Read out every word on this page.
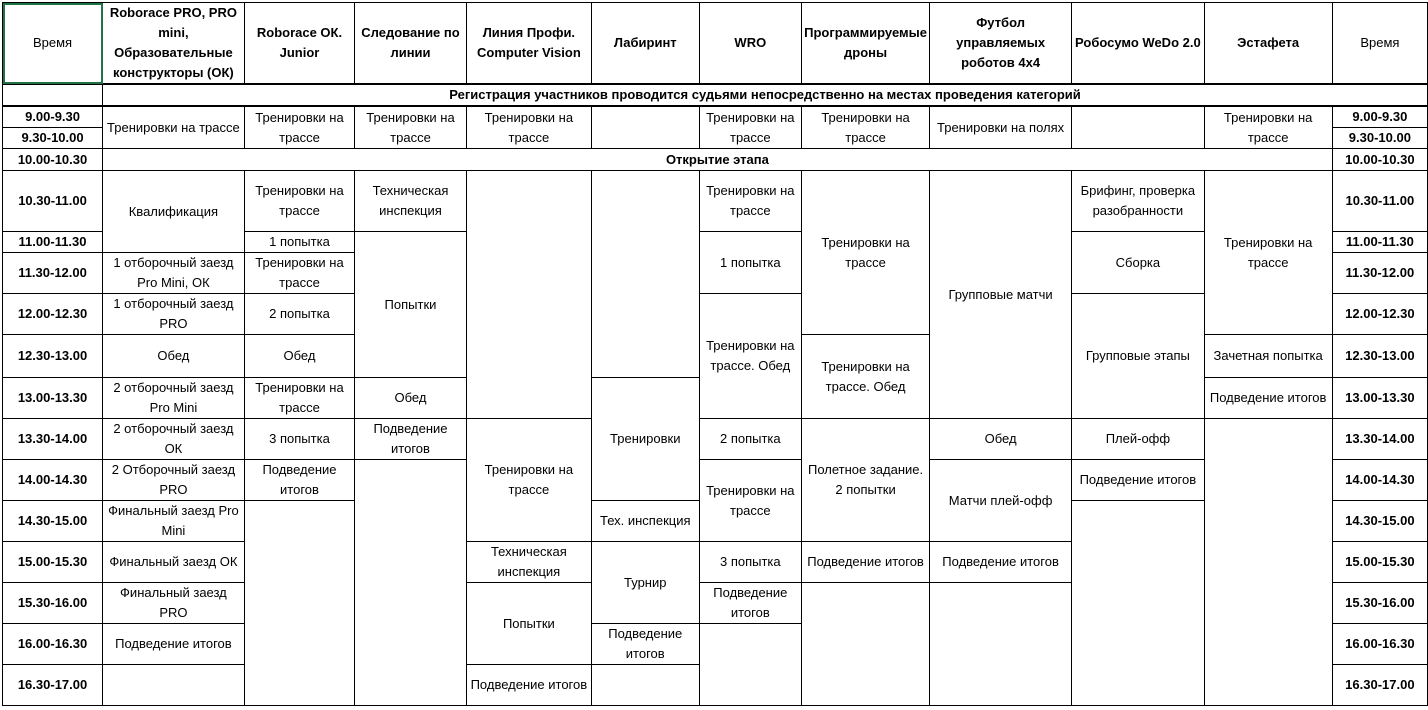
Время	Roborace PRO, PRO mini, Образовательные конструкторы (ОК)	Roborace ОК. Junior	Следование по линии	Линия Профи. Computer Vision	Лабиринт	WRO	Программируемые дроны	Футбол управляемых роботов 4х4	Робосумо WeDo 2.0	Эстафета	Время
	Регистрация участников проводится судьями непосредственно на местах проведения категорий										
9.00-9.30	Тренировки на трассе	Тренировки на трассе	Тренировки на трассе	Тренировки на трассе		Тренировки на трассе	Тренировки на трассе	Тренировки на полях		Тренировки на трассе	9.00-9.30
9.30-10.00											9.30-10.00
10.00-10.30	Открытие этапа										10.00-10.30
10.30-11.00	Квалификация	Тренировки на трассе	Техническая инспекция			Тренировки на трассе	Тренировки на трассе	Групповые матчи	Брифинг, проверка разобранности	Тренировки на трассе	10.30-11.00
11.00-11.30		1 попытка	Попытки			1 попытка			Сборка		11.00-11.30
11.30-12.00	1 отборочный заезд Pro Mini, ОК	Тренировки на трассе									11.30-12.00
12.00-12.30	1 отборочный заезд PRO	2 попытка				Тренировки на трассе. Обед			Групповые этапы		12.00-12.30
12.30-13.00	Обед	Обед					Тренировки на трассе. Обед			Зачетная попытка	12.30-13.00
13.00-13.30	2 отборочный заезд Pro Mini	Тренировки на трассе	Обед		Тренировки					Подведение итогов	13.00-13.30
13.30-14.00	2 отборочный заезд ОК	3 попытка	Подведение итогов	Тренировки на трассе		2 попытка	Полетное задание. 2 попытки	Обед	Плей-офф		13.30-14.00
14.00-14.30	2 Отборочный заезд PRO	Подведение итогов				Тренировки на трассе		Матчи плей-офф	Подведение итогов		14.00-14.30
14.30-15.00	Финальный заезд Pro Mini				Тех. инспекция						14.30-15.00
15.00-15.30	Финальный заезд ОК			Техническая инспекция	Турнир	3 попытка	Подведение итогов	Подведение итогов			15.00-15.30
15.30-16.00	Финальный заезд PRO			Попытки		Подведение итогов					15.30-16.00
16.00-16.30	Подведение итогов				Подведение итогов						16.00-16.30
16.30-17.00				Подведение итогов							16.30-17.00
